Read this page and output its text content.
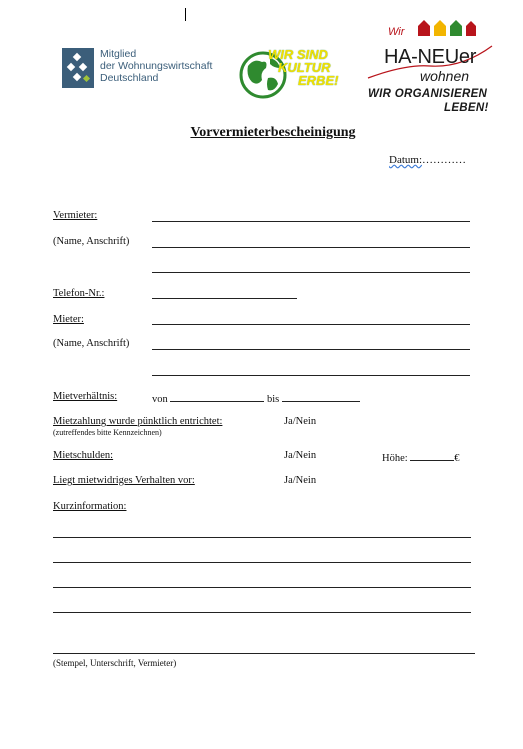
Mitglied
der Wohnungswirtschaft
Deutschland
WIR SIND
KULTUR
ERBE!
Wir
HA-NEUer
wohnen
WIR ORGANISIEREN
LEBEN!
Vorvermieterbescheinigung
Datum:…………
Vermieter:
(Name, Anschrift)
Telefon-Nr.:
Mieter:
(Name, Anschrift)
Mietverhältnis:	von	bis
Mietzahlung wurde pünktlich entrichtet:
(zutreffendes bitte Kennzeichnen)
Ja/Nein
Mietschulden:	Ja/Nein	Höhe:	€
Liegt mietwidriges Verhalten vor:	Ja/Nein
Kurzinformation:
(Stempel, Unterschrift, Vermieter)
